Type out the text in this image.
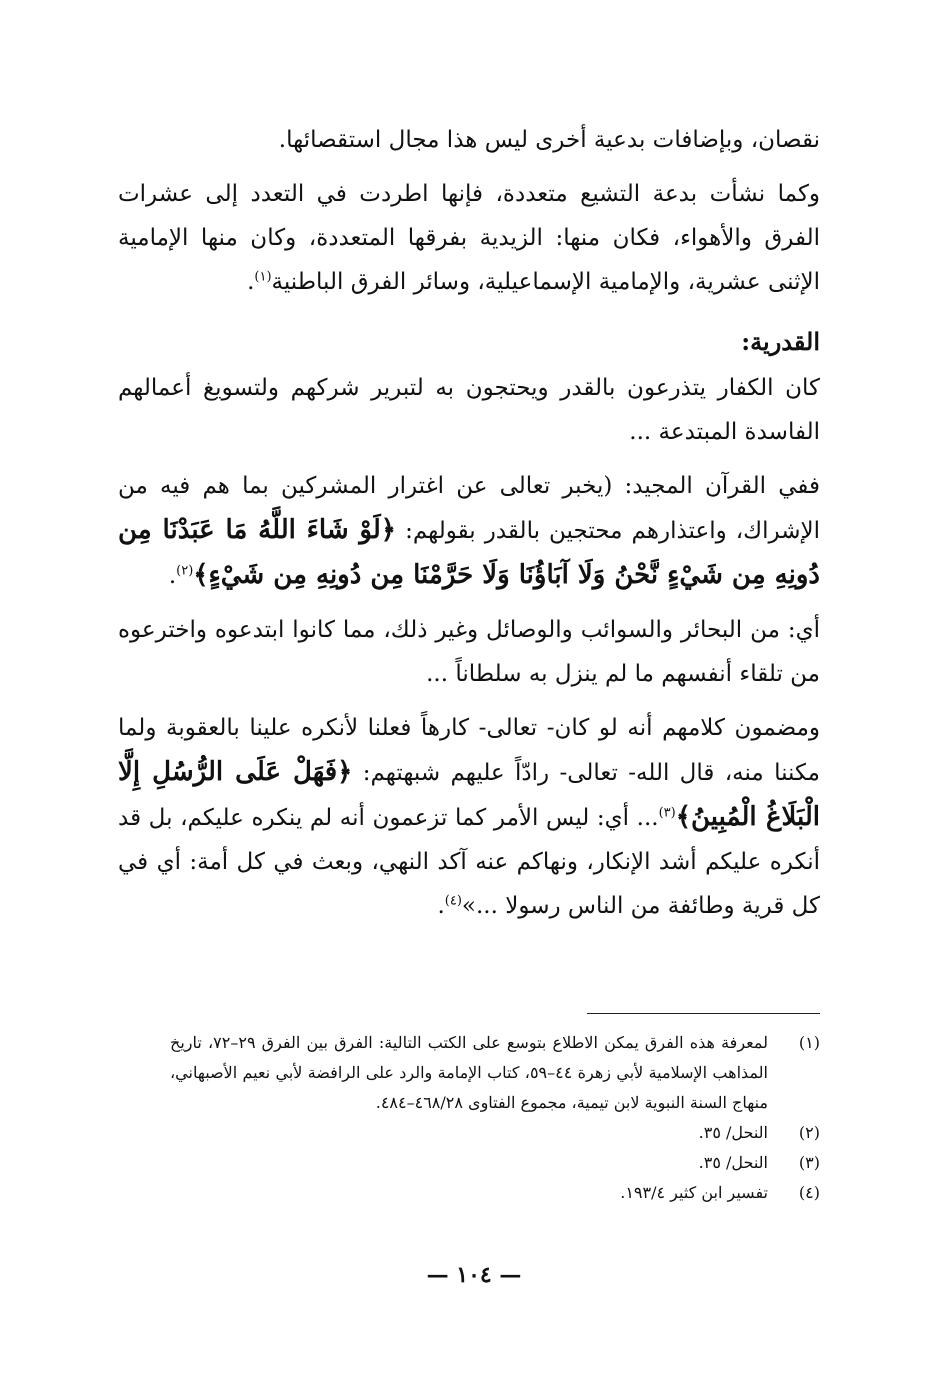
نقصان، وبإضافات بدعية أخرى ليس هذا مجال استقصائها.

وكما نشأت بدعة التشيع متعددة، فإنها اطردت في التعدد إلى عشرات الفرق والأهواء، فكان منها: الزيدية بفرقها المتعددة، وكان منها الإمامية الإثنى عشرية، والإمامية الإسماعيلية، وسائر الفرق الباطنية$^{(١)}$.

القدرية:

كان الكفار يتذرعون بالقدر ويحتجون به لتبرير شركهم ولتسويغ أعمالهم الفاسدة المبتدعة ...

ففي القرآن المجيد: (يخبر تعالى عن اغترار المشركين بما هم فيه من الإشراك، واعتذارهم محتجين بالقدر بقولهم: ﴿لَوْ شَاءَ اللَّهُ مَا عَبَدْنَا مِن دُونِهِ مِن شَيْءٍ نَّحْنُ وَلَا آبَاؤُنَا وَلَا حَرَّمْنَا مِن دُونِهِ مِن شَيْءٍ﴾$^{(٢)}$.

أي: من البحائر والسوائب والوصائل وغير ذلك، مما كانوا ابتدعوه واخترعوه من تلقاء أنفسهم ما لم ينزل به سلطاناً ...

ومضمون كلامهم أنه لو كان- تعالى- كارهاً فعلنا لأنكره علينا بالعقوبة ولما مكننا منه، قال الله- تعالى- رادّاً عليهم شبهتهم: ﴿فَهَلْ عَلَى الرُّسُلِ إِلَّا الْبَلَاغُ الْمُبِينُ﴾$^{(٣)}$... أي: ليس الأمر كما تزعمون أنه لم ينكره عليكم، بل قد أنكره عليكم أشد الإنكار، ونهاكم عنه آكد النهي، وبعث في كل أمة: أي في كل قرية وطائفة من الناس رسولا ...»$^{(٤)}$.

(١)
لمعرفة هذه الفرق يمكن الاطلاع بتوسع على الكتب التالية: الفرق بين الفرق ٢٩–٧٢، تاريخ المذاهب الإسلامية لأبي زهرة ٤٤–٥٩، كتاب الإمامة والرد على الرافضة لأبي نعيم الأصبهاني، منهاج السنة النبوية لابن تيمية، مجموع الفتاوى ٤٦٨/٢٨–٤٨٤.

(٢)
النحل/ ٣٥.

(٣)
النحل/ ٣٥.

(٤)
تفسير ابن كثير ١٩٣/٤.

— ١٠٤ —
